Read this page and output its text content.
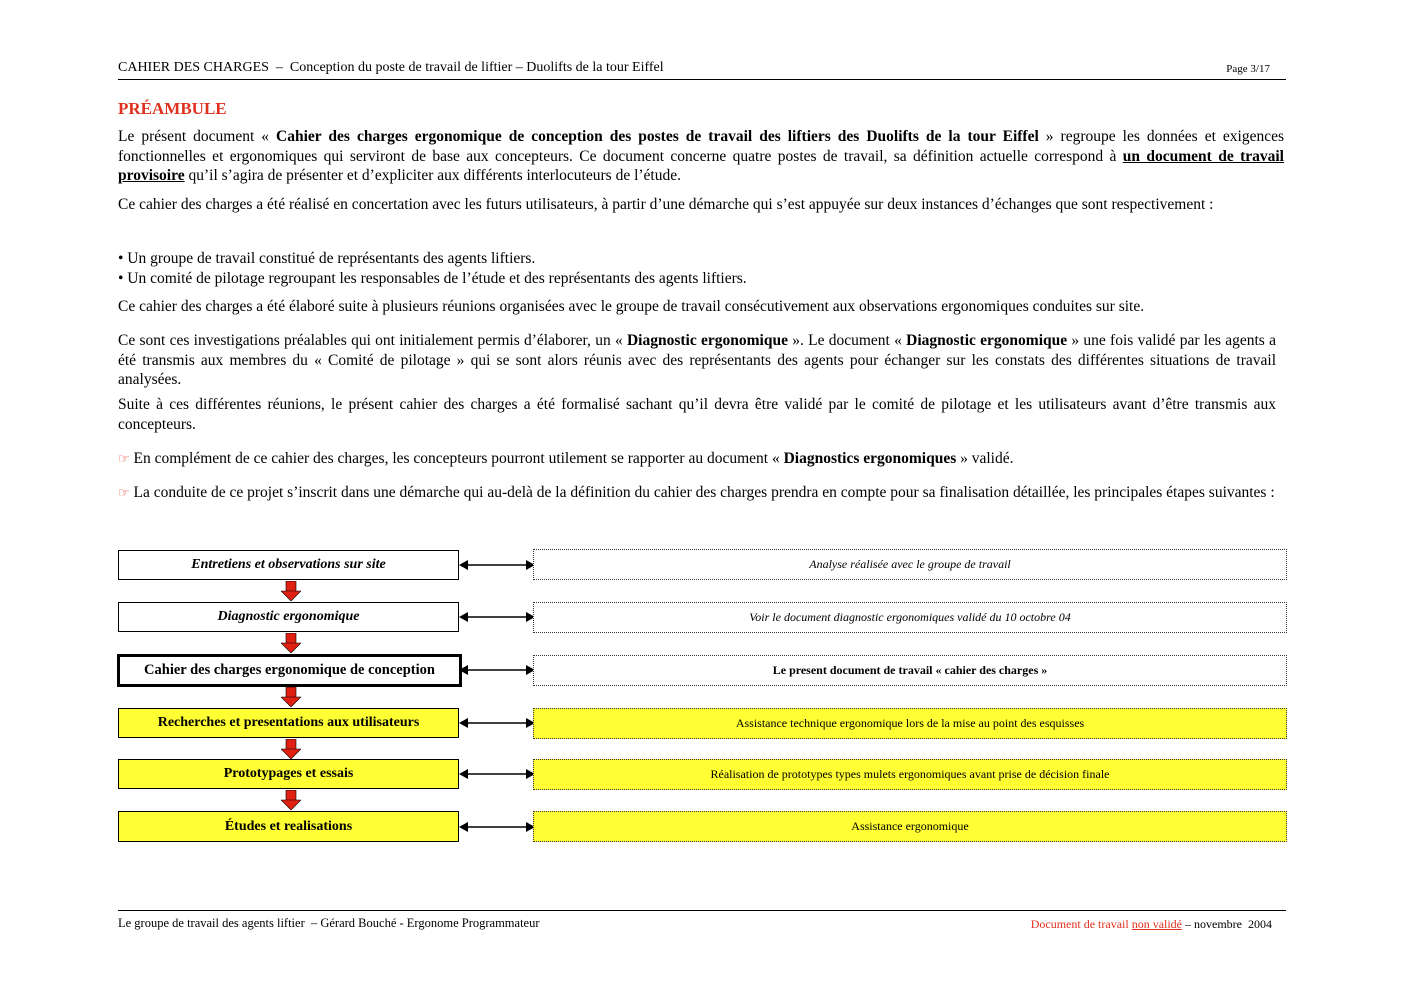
CAHIER DES CHARGES  –  Conception du poste de travail de liftier – Duolifts de la tour Eiffel	Page 3/17
PRÉAMBULE
Le présent document « Cahier des charges ergonomique de conception des postes de travail des liftiers des Duolifts de la tour Eiffel » regroupe les données et exigences fonctionnelles et ergonomiques qui serviront de base aux concepteurs. Ce document concerne quatre postes de travail, sa définition actuelle correspond à un document de travail provisoire qu’il s’agira de présenter et d’expliciter aux différents interlocuteurs de l’étude.
Ce cahier des charges a été réalisé en concertation avec les futurs utilisateurs, à partir d’une démarche qui s’est appuyée sur deux instances d’échanges que sont respectivement :
• Un groupe de travail constitué de représentants des agents liftiers.
• Un comité de pilotage regroupant les responsables de l’étude et des représentants des agents liftiers.
Ce cahier des charges a été élaboré suite à plusieurs réunions organisées avec le groupe de travail consécutivement aux observations ergonomiques conduites sur site.
Ce sont ces investigations préalables qui ont initialement permis d’élaborer, un « Diagnostic ergonomique ». Le document « Diagnostic ergonomique » une fois validé par les agents a été transmis aux membres du « Comité de pilotage » qui se sont alors réunis avec des représentants des agents pour échanger sur les constats des différentes situations de travail analysées.
Suite à ces différentes réunions, le présent cahier des charges a été formalisé sachant qu’il devra être validé par le comité de pilotage et les utilisateurs avant d’être transmis aux concepteurs.
☞ En complément de ce cahier des charges, les concepteurs pourront utilement se rapporter au document « Diagnostics ergonomiques » validé.
☞ La conduite de ce projet s’inscrit dans une démarche qui au-delà de la définition du cahier des charges prendra en compte pour sa finalisation détaillée, les principales étapes suivantes :
Entretiens et observations sur site	Analyse réalisée avec le groupe de travail
Diagnostic ergonomique	Voir le document diagnostic ergonomiques validé du 10 octobre 04
Cahier des charges ergonomique de conception	Le present document de travail « cahier des charges »
Recherches et presentations aux utilisateurs	Assistance technique ergonomique lors de la mise au point des esquisses
Prototypages et essais	Réalisation de prototypes types mulets ergonomiques avant prise de décision finale
Études et realisations	Assistance ergonomique
Le groupe de travail des agents liftier  – Gérard Bouché - Ergonome Programmateur	Document de travail non validé – novembre  2004
